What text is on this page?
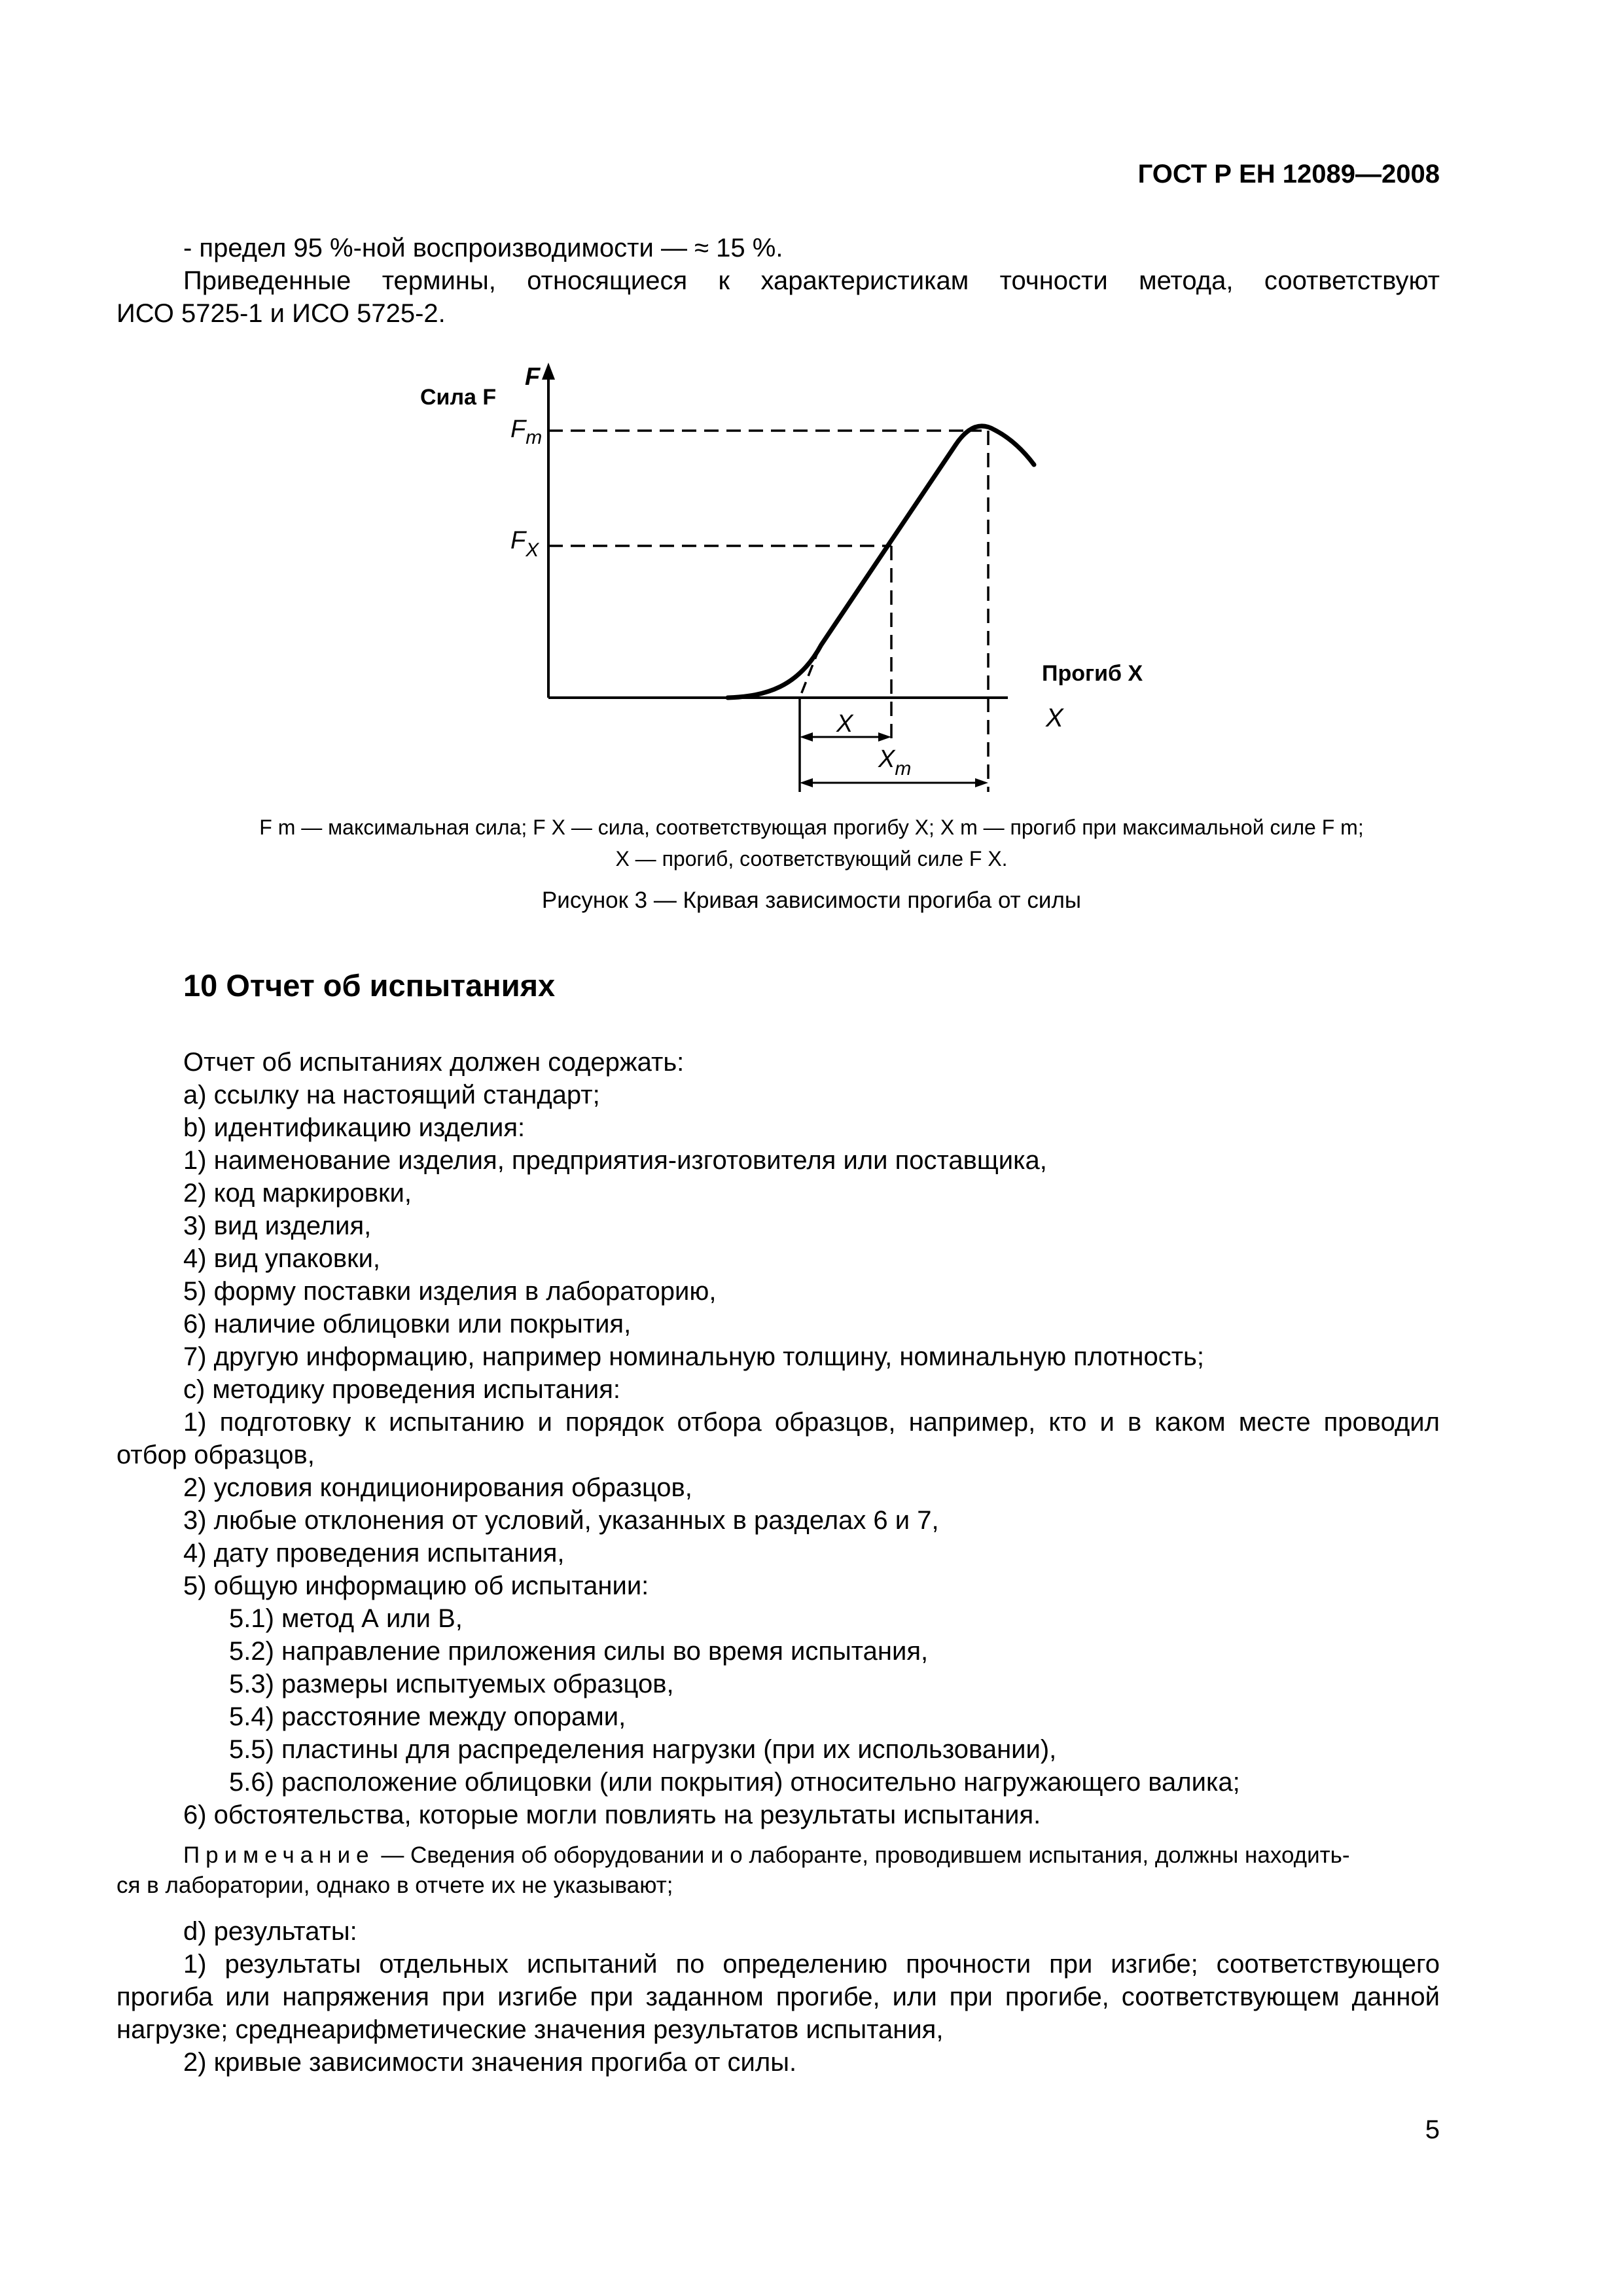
ГОСТ Р ЕН 12089—2008
- предел 95 %-ной воспроизводимости — ≈ 15 %.
Приведенные термины, относящиеся к характеристикам точности метода, соответствуют
ИСО 5725-1 и ИСО 5725-2.
Сила F
F
$F_m$
$F_X$
Прогиб X
X
X
$X_m$
F m — максимальная сила; F X — сила, соответствующая прогибу X; X m — прогиб при максимальной силе F m;
X — прогиб, соответствующий силе F X.
Рисунок 3 — Кривая зависимости прогиба от силы
10 Отчет об испытаниях
Отчет об испытаниях должен содержать:
а) ссылку на настоящий стандарт;
b) идентификацию изделия:
1) наименование изделия, предприятия-изготовителя или поставщика,
2) код маркировки,
3) вид изделия,
4) вид упаковки,
5) форму поставки изделия в лабораторию,
6) наличие облицовки или покрытия,
7) другую информацию, например номинальную толщину, номинальную плотность;
c) методику проведения испытания:
1) подготовку к испытанию и порядок отбора образцов, например, кто и в каком месте проводил
отбор образцов,
2) условия кондиционирования образцов,
3) любые отклонения от условий, указанных в разделах 6 и 7,
4) дату проведения испытания,
5) общую информацию об испытании:
5.1) метод А или В,
5.2) направление приложения силы во время испытания,
5.3) размеры испытуемых образцов,
5.4) расстояние между опорами,
5.5) пластины для распределения нагрузки (при их использовании),
5.6) расположение облицовки (или покрытия) относительно нагружающего валика;
6) обстоятельства, которые могли повлиять на результаты испытания.
Примечание — Сведения об оборудовании и о лаборанте, проводившем испытания, должны находить-
ся в лаборатории, однако в отчете их не указывают;
d) результаты:
1) результаты отдельных испытаний по определению прочности при изгибе; соответствующего
прогиба или напряжения при изгибе при заданном прогибе, или при прогибе, соответствующем данной
нагрузке; среднеарифметические значения результатов испытания,
2) кривые зависимости значения прогиба от силы.
5
